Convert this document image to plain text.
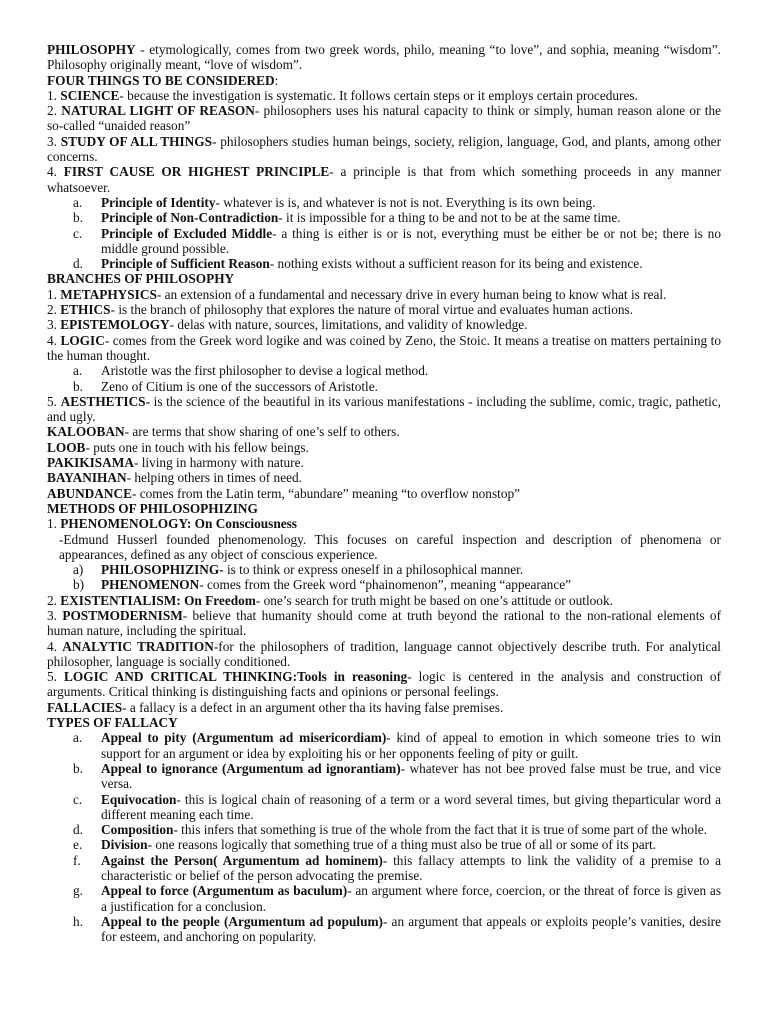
PHILOSOPHY - etymologically, comes from two greek words, philo, meaning “to love”, and sophia, meaning “wisdom”. Philosophy originally meant, “love of wisdom”.

FOUR THINGS TO BE CONSIDERED:

1. SCIENCE- because the investigation is systematic. It follows certain steps or it employs certain procedures.

2. NATURAL LIGHT OF REASON- philosophers uses his natural capacity to think or simply, human reason alone or the so-called “unaided reason”

3. STUDY OF ALL THINGS- philosophers studies human beings, society, religion, language, God, and plants, among other concerns.

4. FIRST CAUSE OR HIGHEST PRINCIPLE- a principle is that from which something proceeds in any manner whatsoever.

a. Principle of Identity- whatever is is, and whatever is not is not. Everything is its own being.

b. Principle of Non-Contradiction- it is impossible for a thing to be and not to be at the same time.

c. Principle of Excluded Middle- a thing is either is or is not, everything must be either be or not be; there is no middle ground possible.

d. Principle of Sufficient Reason- nothing exists without a sufficient reason for its being and existence.

BRANCHES OF PHILOSOPHY

1. METAPHYSICS- an extension of a fundamental and necessary drive in every human being to know what is real.

2. ETHICS- is the branch of philosophy that explores the nature of moral virtue and evaluates human actions.

3. EPISTEMOLOGY- delas with nature, sources, limitations, and validity of knowledge.

4. LOGIC- comes from the Greek word logike and was coined by Zeno, the Stoic. It means a treatise on matters pertaining to the human thought.

a. Aristotle was the first philosopher to devise a logical method.

b. Zeno of Citium is one of the successors of Aristotle.

5. AESTHETICS- is the science of the beautiful in its various manifestations - including the sublime, comic, tragic, pathetic, and ugly.

KALOOBAN- are terms that show sharing of one’s self to others.

LOOB- puts one in touch with his fellow beings.

PAKIKISAMA- living in harmony with nature.

BAYANIHAN- helping others in times of need.

ABUNDANCE- comes from the Latin term, “abundare” meaning “to overflow nonstop”

METHODS OF PHILOSOPHIZING

1. PHENOMENOLOGY: On Consciousness

-Edmund Husserl founded phenomenology. This focuses on careful inspection and description of phenomena or appearances, defined as any object of conscious experience.

a) PHILOSOPHIZING- is to think or express oneself in a philosophical manner.

b) PHENOMENON- comes from the Greek word “phainomenon”, meaning “appearance”

2. EXISTENTIALISM: On Freedom- one’s search for truth might be based on one’s attitude or outlook.

3. POSTMODERNISM- believe that humanity should come at truth beyond the rational to the non-rational elements of human nature, including the spiritual.

4. ANALYTIC TRADITION-for the philosophers of tradition, language cannot objectively describe truth. For analytical philosopher, language is socially conditioned.

5. LOGIC AND CRITICAL THINKING:Tools in reasoning- logic is centered in the analysis and construction of arguments. Critical thinking is distinguishing facts and opinions or personal feelings.

FALLACIES- a fallacy is a defect in an argument other tha its having false premises.

TYPES OF FALLACY

a. Appeal to pity (Argumentum ad misericordiam)- kind of appeal to emotion in which someone tries to win support for an argument or idea by exploiting his or her opponents feeling of pity or guilt.

b. Appeal to ignorance (Argumentum ad ignorantiam)- whatever has not bee proved false must be true, and vice versa.

c. Equivocation- this is logical chain of reasoning of a term or a word several times, but giving theparticular word a different meaning each time.

d. Composition- this infers that something is true of the whole from the fact that it is true of some part of the whole.

e. Division- one reasons logically that something true of a thing must also be true of all or some of its part.

f. Against the Person( Argumentum ad hominem)- this fallacy attempts to link the validity of a premise to a characteristic or belief of the person advocating the premise.

g. Appeal to force (Argumentum as baculum)- an argument where force, coercion, or the threat of force is given as a justification for a conclusion.

h. Appeal to the people (Argumentum ad populum)- an argument that appeals or exploits people’s vanities, desire for esteem, and anchoring on popularity.
